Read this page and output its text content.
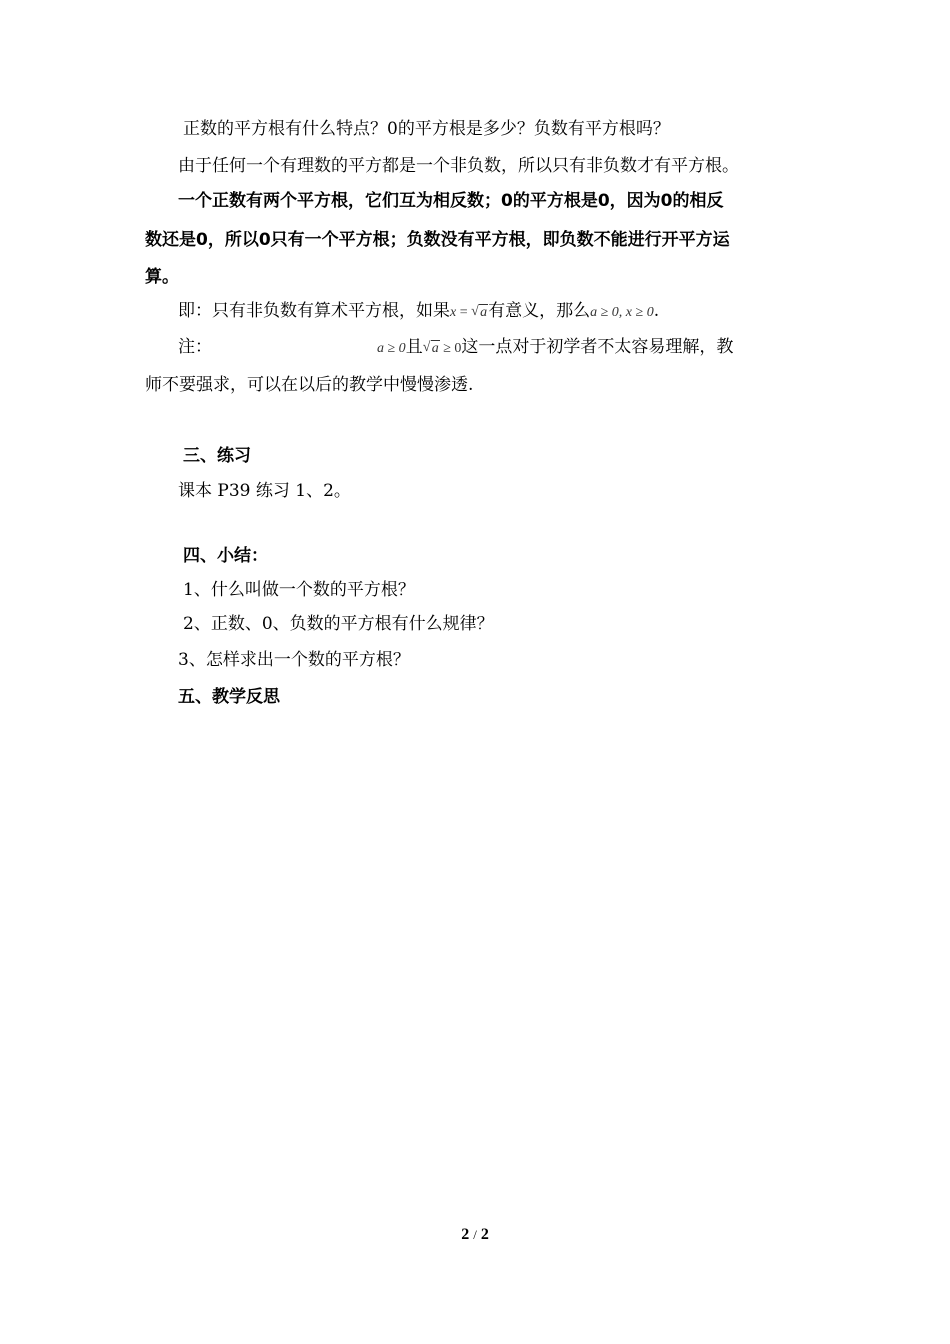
正数的平方根有什么特点？0的平方根是多少？负数有平方根吗？
由于任何一个有理数的平方都是一个非负数，所以只有非负数才有平方根。
一个正数有两个平方根，它们互为相反数；0的平方根是0，因为0的相反
数还是0，所以0只有一个平方根；负数没有平方根，即负数不能进行开平方运
算。
即：只有非负数有算术平方根，如果x = √ a有意义，那么a ≥ 0, x ≥ 0.
注：	a ≥ 0且 √ a ≥ 0这一点对于初学者不太容易理解，教
师不要强求，可以在以后的教学中慢慢渗透.
三、练习
课本 P39 练习 1、2。
四、小结：
1、什么叫做一个数的平方根？
2、正数、0、负数的平方根有什么规律？
3、怎样求出一个数的平方根？
五、教学反思
2 / 2
